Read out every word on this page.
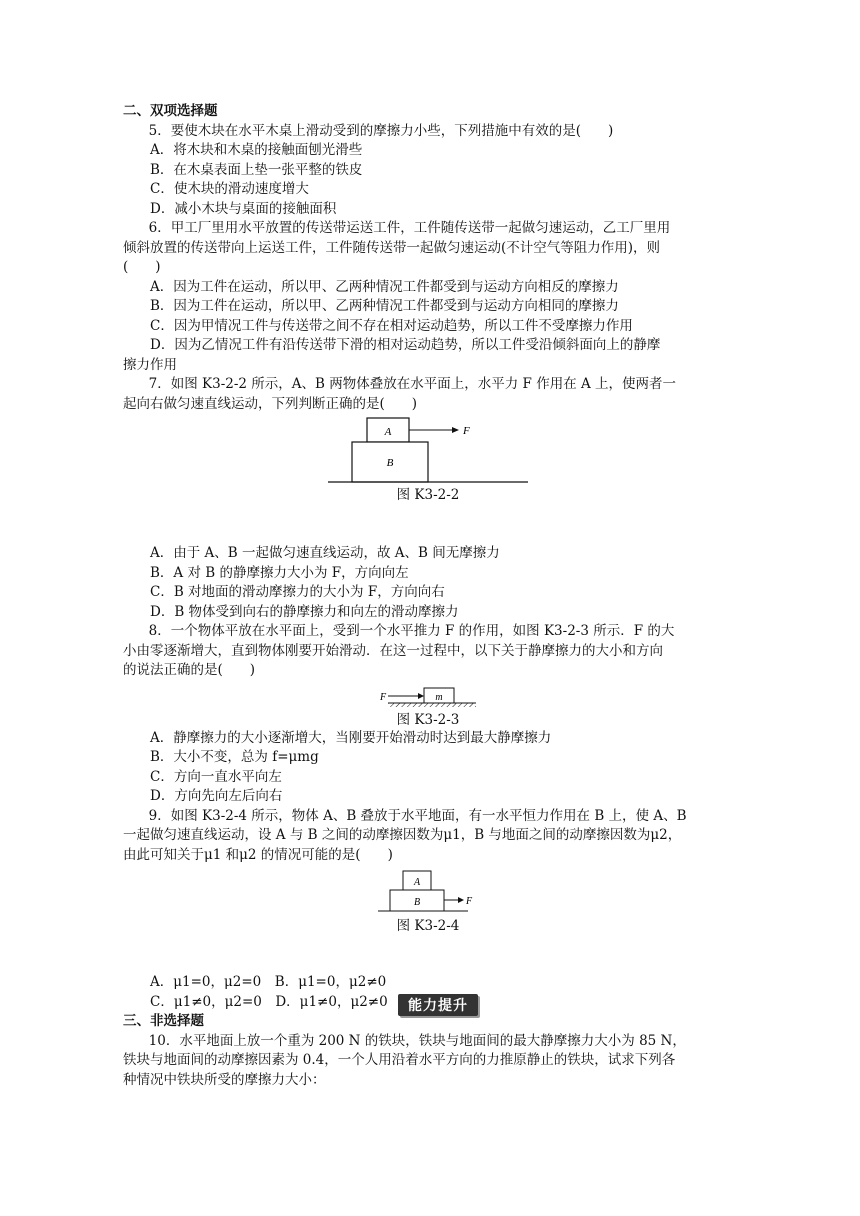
二、双项选择题

5．要使木块在水平木桌上滑动受到的摩擦力小些，下列措施中有效的是(　　)

A．将木块和木桌的接触面刨光滑些

B．在木桌表面上垫一张平整的铁皮

C．使木块的滑动速度增大

D．减小木块与桌面的接触面积

6．甲工厂里用水平放置的传送带运送工件，工件随传送带一起做匀速运动，乙工厂里用

倾斜放置的传送带向上运送工件，工件随传送带一起做匀速运动(不计空气等阻力作用)，则

(　　)

A．因为工件在运动，所以甲、乙两种情况工件都受到与运动方向相反的摩擦力

B．因为工件在运动，所以甲、乙两种情况工件都受到与运动方向相同的摩擦力

C．因为甲情况工件与传送带之间不存在相对运动趋势，所以工件不受摩擦力作用

D．因为乙情况工件有沿传送带下滑的相对运动趋势，所以工件受沿倾斜面向上的静摩

擦力作用

7．如图 K3-2-2 所示，A、B 两物体叠放在水平面上，水平力 F 作用在 A 上，使两者一

起向右做匀速直线运动，下列判断正确的是(　　)

A
B
F

图 K3-2-2

A．由于 A、B 一起做匀速直线运动，故 A、B 间无摩擦力

B．A 对 B 的静摩擦力大小为 F，方向向左

C．B 对地面的滑动摩擦力的大小为 F，方向向右

D．B 物体受到向右的静摩擦力和向左的滑动摩擦力

8．一个物体平放在水平面上，受到一个水平推力 F 的作用，如图 K3-2-3 所示．F 的大

小由零逐渐增大，直到物体刚要开始滑动．在这一过程中，以下关于静摩擦力的大小和方向

的说法正确的是(　　)

F	m

图 K3-2-3

A．静摩擦力的大小逐渐增大，当刚要开始滑动时达到最大静摩擦力

B．大小不变，总为 f=μmg

C．方向一直水平向左

D．方向先向左后向右

9．如图 K3-2-4 所示，物体 A、B 叠放于水平地面，有一水平恒力作用在 B 上，使 A、B

一起做匀速直线运动，设 A 与 B 之间的动摩擦因数为μ1，B 与地面之间的动摩擦因数为μ2，

由此可知关于μ1 和μ2 的情况可能的是(　　)

A
B	F

图 K3-2-4

A．μ1=0，μ2=0　B．μ1=0，μ2≠0

C．μ1≠0，μ2=0　D．μ1≠0，μ2≠0	能力提升

三、非选择题

10．水平地面上放一个重为 200 N 的铁块，铁块与地面间的最大静摩擦力大小为 85 N，

铁块与地面间的动摩擦因素为 0.4，一个人用沿着水平方向的力推原静止的铁块，试求下列各

种情况中铁块所受的摩擦力大小：
